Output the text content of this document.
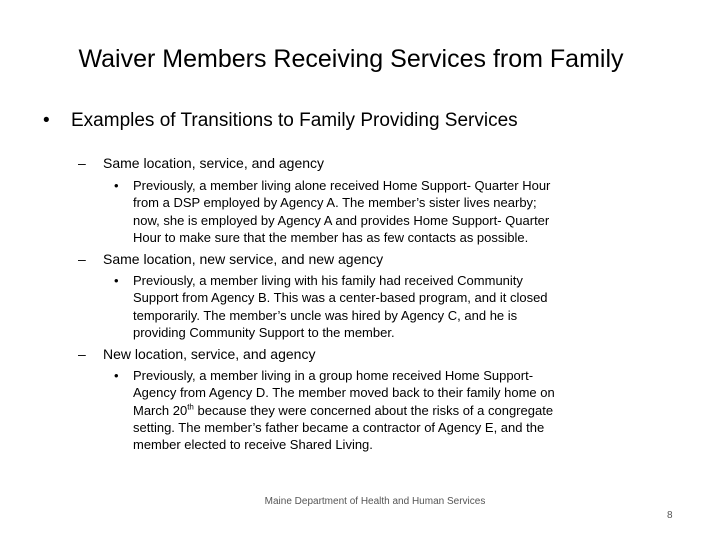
Waiver Members Receiving Services from Family
• Examples of Transitions to Family Providing Services
– Same location, service, and agency
• Previously, a member living alone received Home Support- Quarter Hour
from a DSP employed by Agency A. The member’s sister lives nearby;
now, she is employed by Agency A and provides Home Support- Quarter
Hour to make sure that the member has as few contacts as possible.
– Same location, new service, and new agency
• Previously, a member living with his family had received Community
Support from Agency B. This was a center-based program, and it closed
temporarily. The member’s uncle was hired by Agency C, and he is
providing Community Support to the member.
– New location, service, and agency
• Previously, a member living in a group home received Home Support-
Agency from Agency D. The member moved back to their family home on
March 20th because they were concerned about the risks of a congregate
setting. The member’s father became a contractor of Agency E, and the
member elected to receive Shared Living.
Maine Department of Health and Human Services
8
